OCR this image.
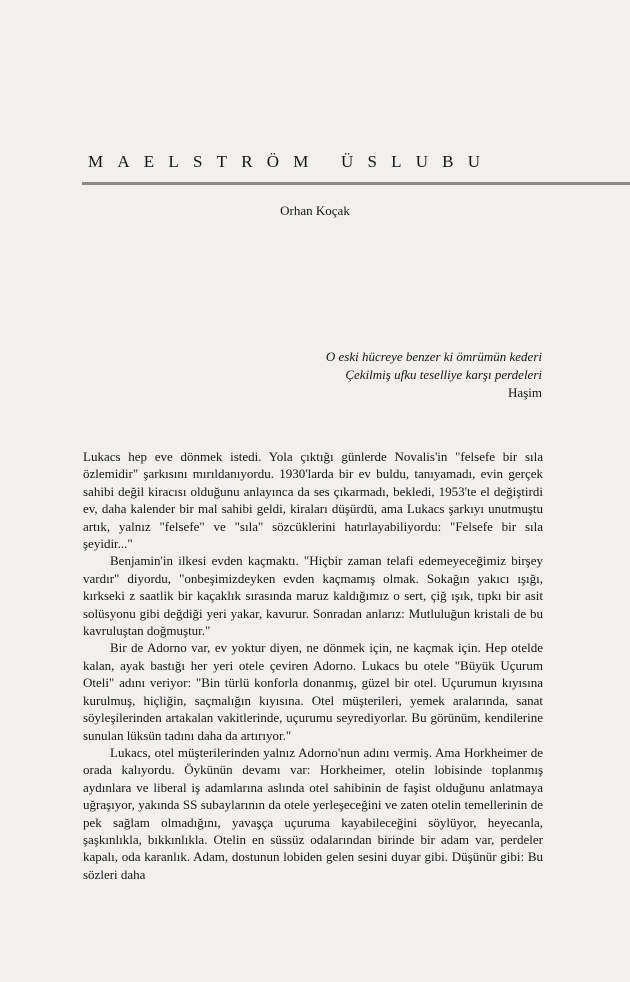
MAELSTRÖM ÜSLUBU
Orhan Koçak
O eski hücreye benzer ki ömrümün kederi
Çekilmiş ufku teselliye karşı perdeleri
Haşim

Lukacs hep eve dönmek istedi. Yola çıktığı günlerde Novalis'in "felsefe bir sıla özlemidir" şarkısını mırıldanıyordu. 1930'larda bir ev buldu, tanıyamadı, evin gerçek sahibi değil kiracısı olduğunu anlayınca da ses çıkarmadı, bekledi, 1953'te el değiştirdi ev, daha kalender bir mal sahibi geldi, kiraları düşürdü, ama Lukacs şarkıyı unutmuştu artık, yalnız "felsefe" ve "sıla" sözcüklerini hatırlayabiliyordu: "Felsefe bir sıla şeyidir..."

Benjamin'in ilkesi evden kaçmaktı. "Hiçbir zaman telafi edemeyeceğimiz birşey vardır" diyordu, "onbeşimizdeyken evden kaçmamış olmak. Sokağın yakıcı ışığı, kırkseki z saatlik bir kaçaklık sırasında maruz kaldığımız o sert, çiğ ışık, tıpkı bir asit solüsyonu gibi değdiği yeri yakar, kavurur. Sonradan anlarız: Mutluluğun kristali de bu kavruluştan doğmuştur."

Bir de Adorno var, ev yoktur diyen, ne dönmek için, ne kaçmak için. Hep otelde kalan, ayak bastığı her yeri otele çeviren Adorno. Lukacs bu otele "Büyük Uçurum Oteli" adını veriyor: "Bin türlü konforla donanmış, güzel bir otel. Uçurumun kıyısına kurulmuş, hiçliğin, saçmalığın kıyısına. Otel müşterileri, yemek aralarında, sanat söyleşilerinden artakalan vakitlerinde, uçurumu seyrediyorlar. Bu görünüm, kendilerine sunulan lüksün tadını daha da artırıyor."

Lukacs, otel müşterilerinden yalnız Adorno'nun adını vermiş. Ama Horkheimer de orada kalıyordu. Öykünün devamı var: Horkheimer, otelin lobisinde toplanmış aydınlara ve liberal iş adamlarına aslında otel sahibinin de faşist olduğunu anlatmaya uğraşıyor, yakında SS subaylarının da otele yerleşeceğini ve zaten otelin temellerinin de pek sağlam olmadığını, yavaşça uçuruma kayabileceğini söylüyor, heyecanla, şaşkınlıkla, bıkkınlıkla. Otelin en süssüz odalarından birinde bir adam var, perdeler kapalı, oda karanlık. Adam, dostunun lobiden gelen sesini duyar gibi. Düşünür gibi: Bu sözleri daha
